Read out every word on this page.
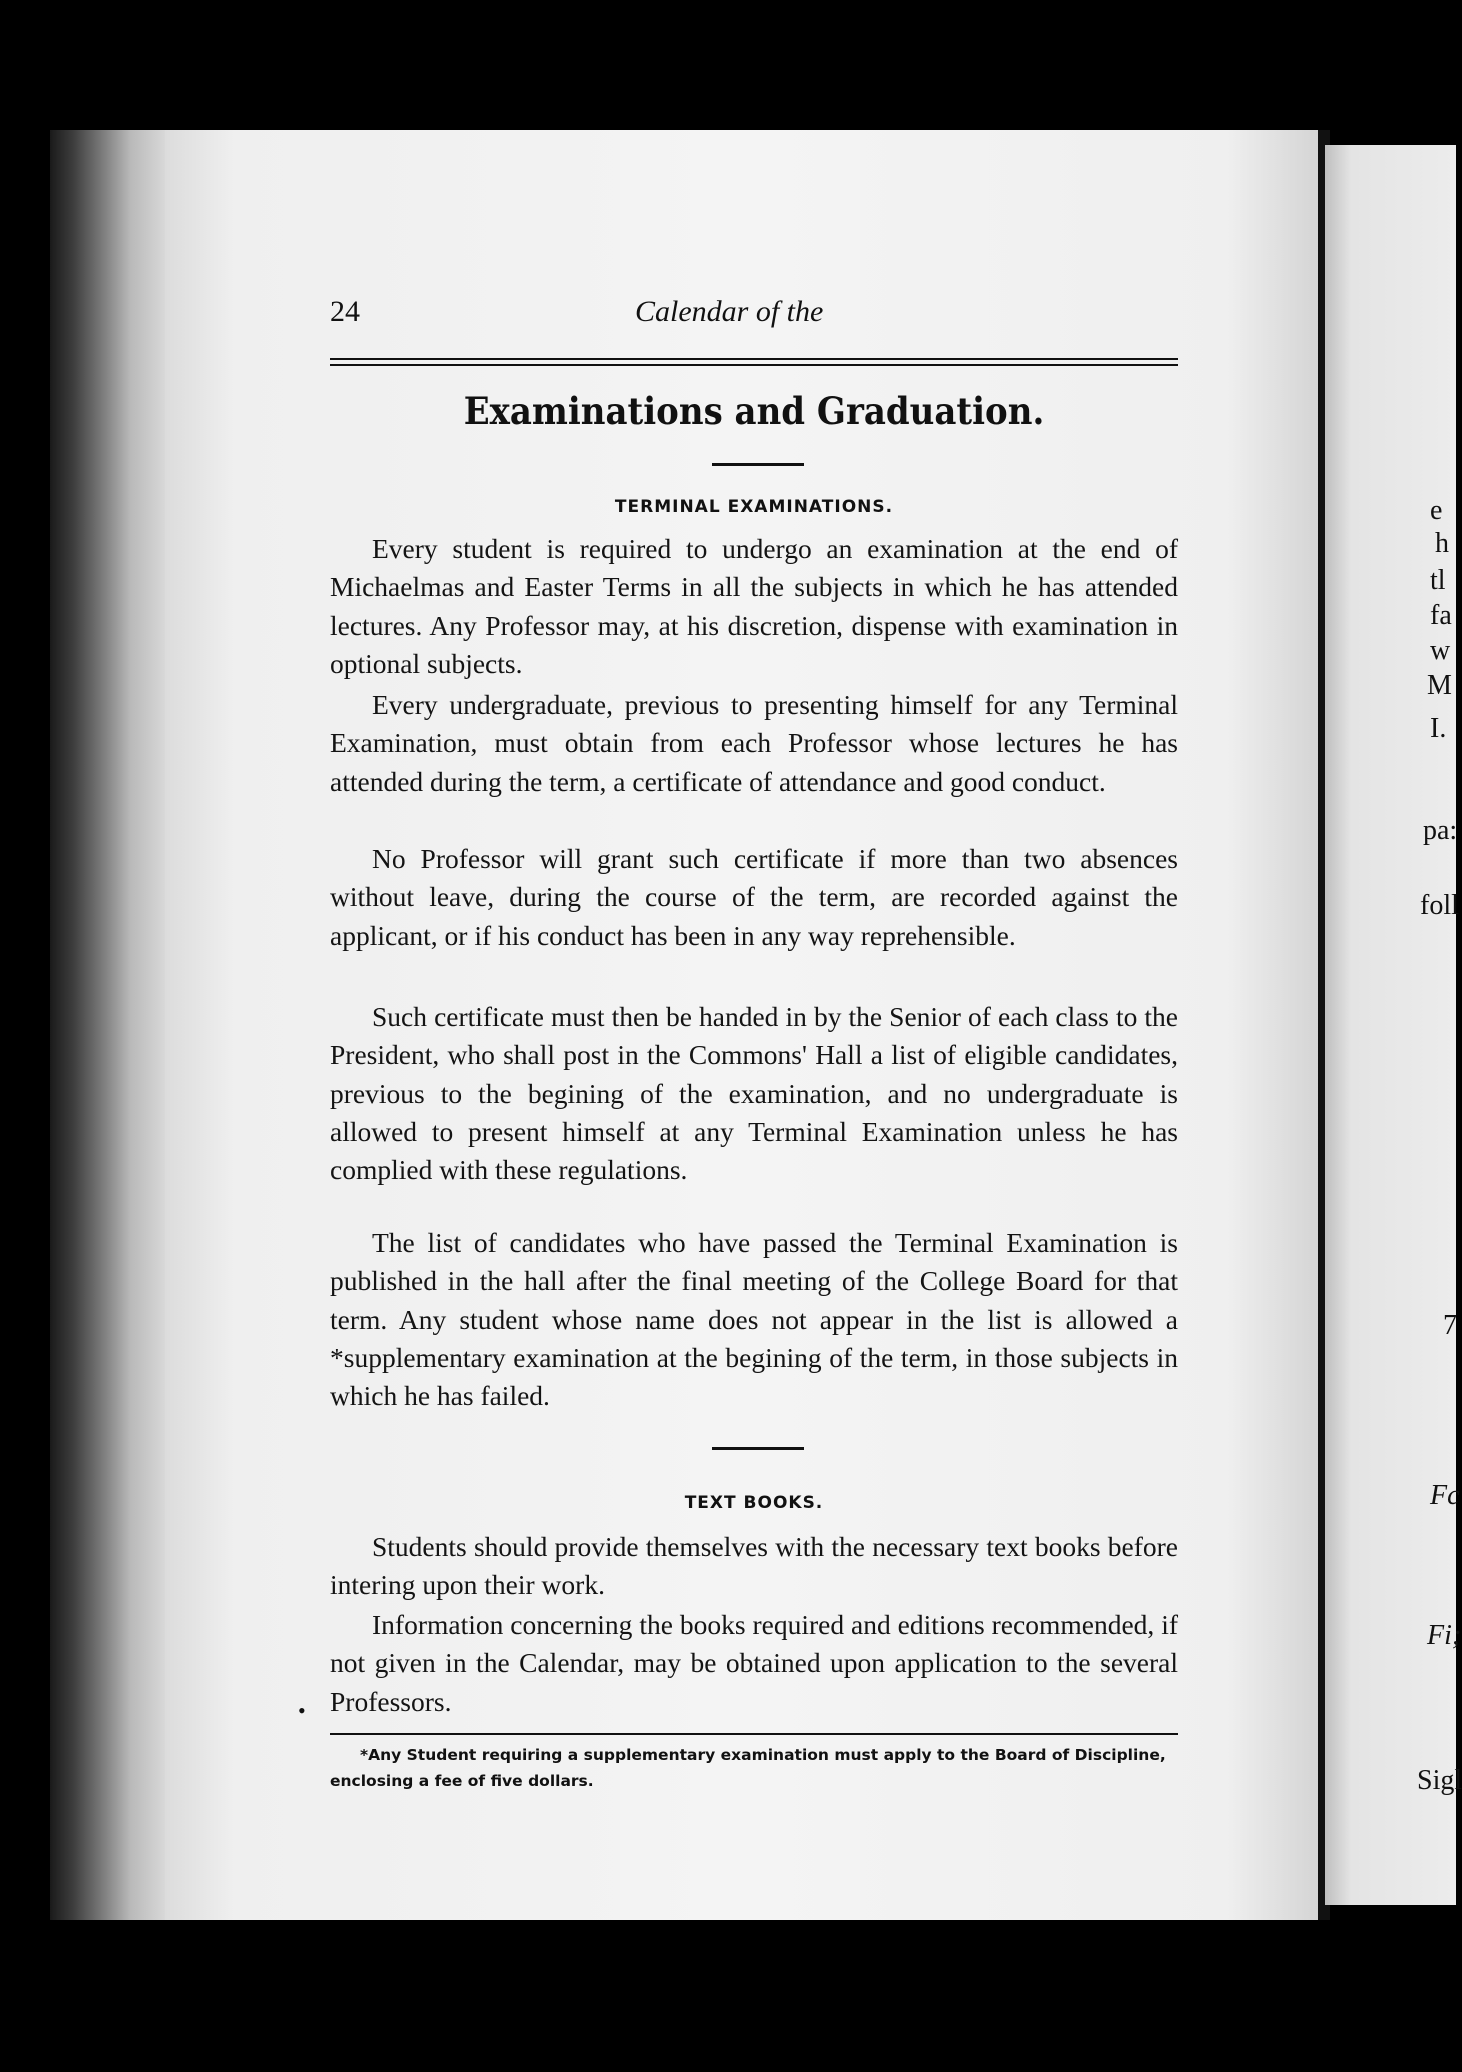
e
h
tl
fa
w
M
I.
pa:
foll
7
Fc
Fi;
Sigl
24	Calendar of the
Examinations and Graduation.
TERMINAL EXAMINATIONS.

Every student is required to undergo an examination at the end of Michaelmas and Easter Terms in all the subjects in which he has attended lectures. Any Professor may, at his discretion, dispense with examination in optional subjects.

Every undergraduate, previous to presenting himself for any Terminal Examination, must obtain from each Professor whose lectures he has attended during the term, a certificate of attendance and good conduct.

No Professor will grant such certificate if more than two absences without leave, during the course of the term, are recorded against the applicant, or if his conduct has been in any way reprehensible.

Such certificate must then be handed in by the Senior of each class to the President, who shall post in the Commons' Hall a list of eligible candidates, previous to the begining of the examination, and no undergraduate is allowed to present himself at any Terminal Examination unless he has complied with these regulations.

The list of candidates who have passed the Terminal Examination is published in the hall after the final meeting of the College Board for that term. Any student whose name does not appear in the list is allowed a *supplementary examination at the begining of the term, in those subjects in which he has failed.

TEXT BOOKS.

Students should provide themselves with the necessary text books before intering upon their work.

Information concerning the books required and editions recommended, if not given in the Calendar, may be obtained upon application to the several Professors.

•

*Any Student requiring a supplementary examination must apply to the Board of Discipline, enclosing a fee of five dollars.
